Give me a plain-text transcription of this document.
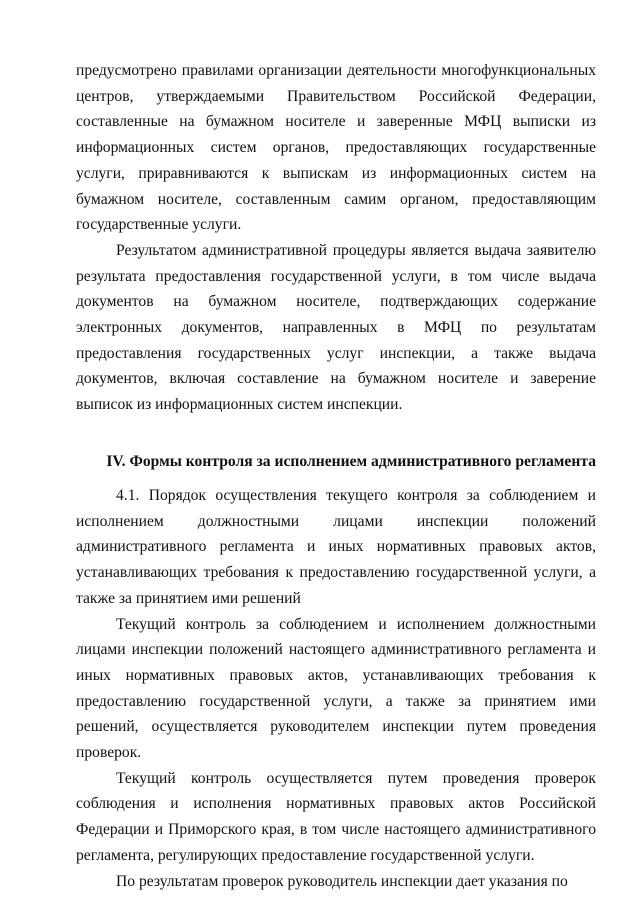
предусмотрено правилами организации деятельности многофункциональных центров, утверждаемыми Правительством Российской Федерации, составленные на бумажном носителе и заверенные МФЦ выписки из информационных систем органов, предоставляющих государственные услуги, приравниваются к выпискам из информационных систем на бумажном носителе, составленным самим органом, предоставляющим государственные услуги.

Результатом административной процедуры является выдача заявителю результата предоставления государственной услуги, в том числе выдача документов на бумажном носителе, подтверждающих содержание электронных документов, направленных в МФЦ по результатам предоставления государственных услуг инспекции, а также выдача документов, включая составление на бумажном носителе и заверение выписок из информационных систем инспекции.

IV. Формы контроля за исполнением административного регламента

4.1. Порядок осуществления текущего контроля за соблюдением и исполнением должностными лицами инспекции положений административного регламента и иных нормативных правовых актов, устанавливающих требования к предоставлению государственной услуги, а также за принятием ими решений

Текущий контроль за соблюдением и исполнением должностными лицами инспекции положений настоящего административного регламента и иных нормативных правовых актов, устанавливающих требования к предоставлению государственной услуги, а также за принятием ими решений, осуществляется руководителем инспекции путем проведения проверок.

Текущий контроль осуществляется путем проведения проверок соблюдения и исполнения нормативных правовых актов Российской Федерации и Приморского края, в том числе настоящего административного регламента, регулирующих предоставление государственной услуги.

По результатам проверок руководитель инспекции дает указания по
